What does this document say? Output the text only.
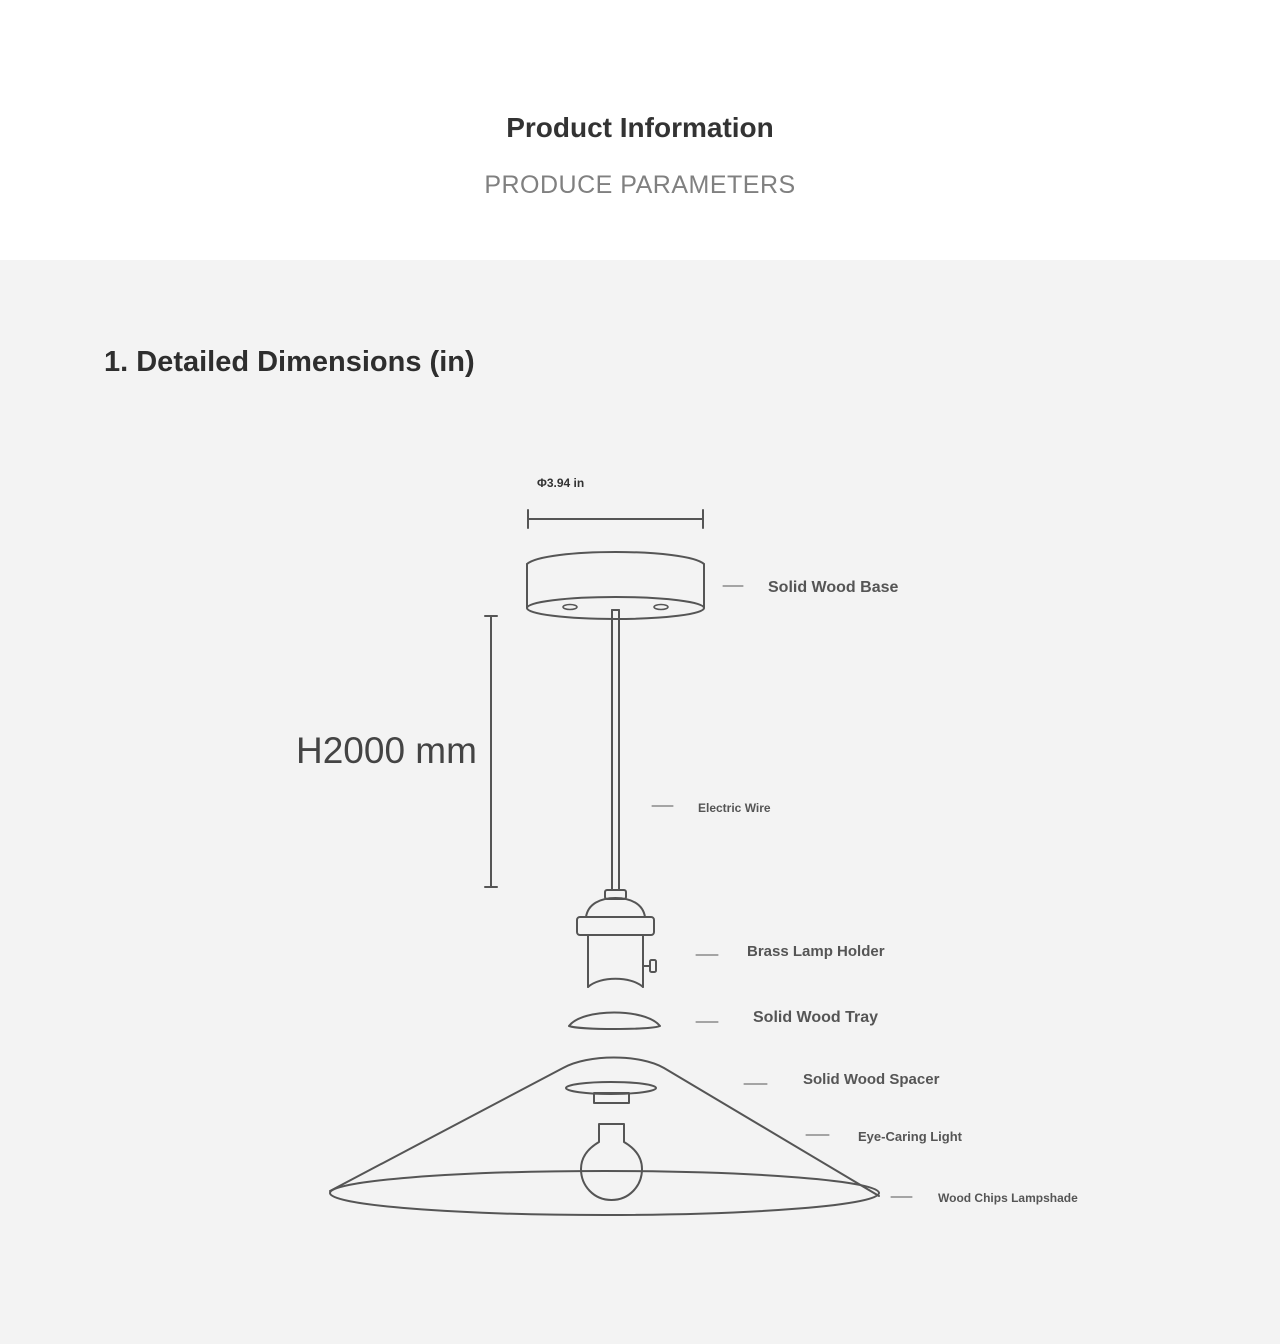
Product Information
PRODUCE PARAMETERS
1. Detailed Dimensions (in)
Φ3.94 in
H2000 mm
Solid Wood Base
Electric Wire
Brass Lamp Holder
Solid Wood Tray
Solid Wood Spacer
Eye-Caring Light
Wood Chips Lampshade
